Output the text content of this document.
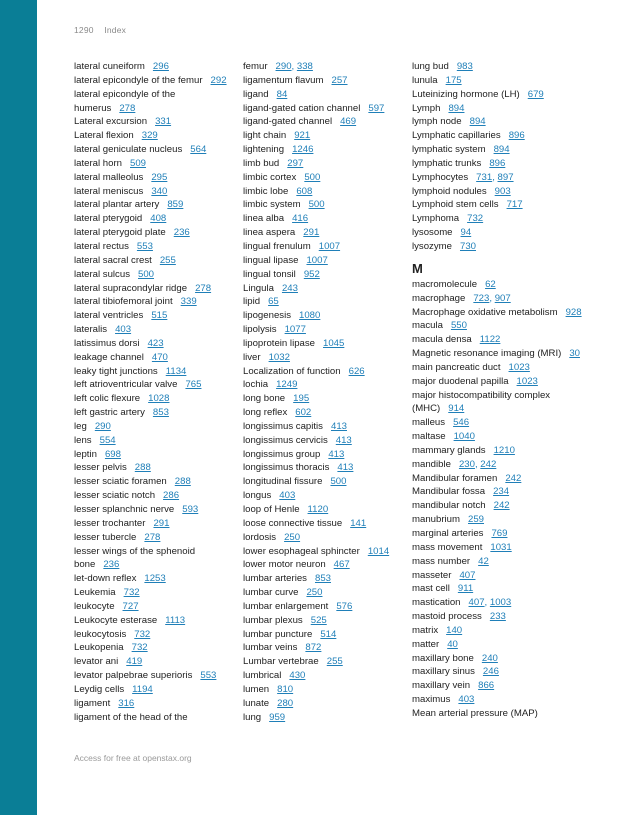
1290 Index
lateral cuneiform 296
lateral epicondyle of the femur 292
lateral epicondyle of the humerus 278
Lateral excursion 331
Lateral flexion 329
lateral geniculate nucleus 564
lateral horn 509
lateral malleolus 295
lateral meniscus 340
lateral plantar artery 859
lateral pterygoid 408
lateral pterygoid plate 236
lateral rectus 553
lateral sacral crest 255
lateral sulcus 500
lateral supracondylar ridge 278
lateral tibiofemoral joint 339
lateral ventricles 515
lateralis 403
latissimus dorsi 423
leakage channel 470
leaky tight junctions 1134
left atrioventricular valve 765
left colic flexure 1028
left gastric artery 853
leg 290
lens 554
leptin 698
lesser pelvis 288
lesser sciatic foramen 288
lesser sciatic notch 286
lesser splanchnic nerve 593
lesser trochanter 291
lesser tubercle 278
lesser wings of the sphenoid bone 236
let-down reflex 1253
Leukemia 732
leukocyte 727
Leukocyte esterase 1113
leukocytosis 732
Leukopenia 732
levator ani 419
levator palpebrae superioris 553
Leydig cells 1194
ligament 316
ligament of the head of the
femur 290, 338
ligamentum flavum 257
ligand 84
ligand-gated cation channel 597
ligand-gated channel 469
light chain 921
lightening 1246
limb bud 297
limbic cortex 500
limbic lobe 608
limbic system 500
linea alba 416
linea aspera 291
lingual frenulum 1007
lingual lipase 1007
lingual tonsil 952
Lingula 243
lipid 65
lipogenesis 1080
lipolysis 1077
lipoprotein lipase 1045
liver 1032
Localization of function 626
lochia 1249
long bone 195
long reflex 602
longissimus capitis 413
longissimus cervicis 413
longissimus group 413
longissimus thoracis 413
longitudinal fissure 500
longus 403
loop of Henle 1120
loose connective tissue 141
lordosis 250
lower esophageal sphincter 1014
lower motor neuron 467
lumbar arteries 853
lumbar curve 250
lumbar enlargement 576
lumbar plexus 525
lumbar puncture 514
lumbar veins 872
Lumbar vertebrae 255
lumbrical 430
lumen 810
lunate 280
lung 959
lung bud 983
lunula 175
Luteinizing hormone (LH) 679
Lymph 894
lymph node 894
Lymphatic capillaries 896
lymphatic system 894
lymphatic trunks 896
Lymphocytes 731, 897
lymphoid nodules 903
Lymphoid stem cells 717
Lymphoma 732
lysosome 94
lysozyme 730
M
macromolecule 62
macrophage 723, 907
Macrophage oxidative metabolism 928
macula 550
macula densa 1122
Magnetic resonance imaging (MRI) 30
main pancreatic duct 1023
major duodenal papilla 1023
major histocompatibility complex (MHC) 914
malleus 546
maltase 1040
mammary glands 1210
mandible 230, 242
Mandibular foramen 242
Mandibular fossa 234
mandibular notch 242
manubrium 259
marginal arteries 769
mass movement 1031
mass number 42
masseter 407
mast cell 911
mastication 407, 1003
mastoid process 233
matrix 140
matter 40
maxillary bone 240
maxillary sinus 246
maxillary vein 866
maximus 403
Mean arterial pressure (MAP)
Access for free at openstax.org
